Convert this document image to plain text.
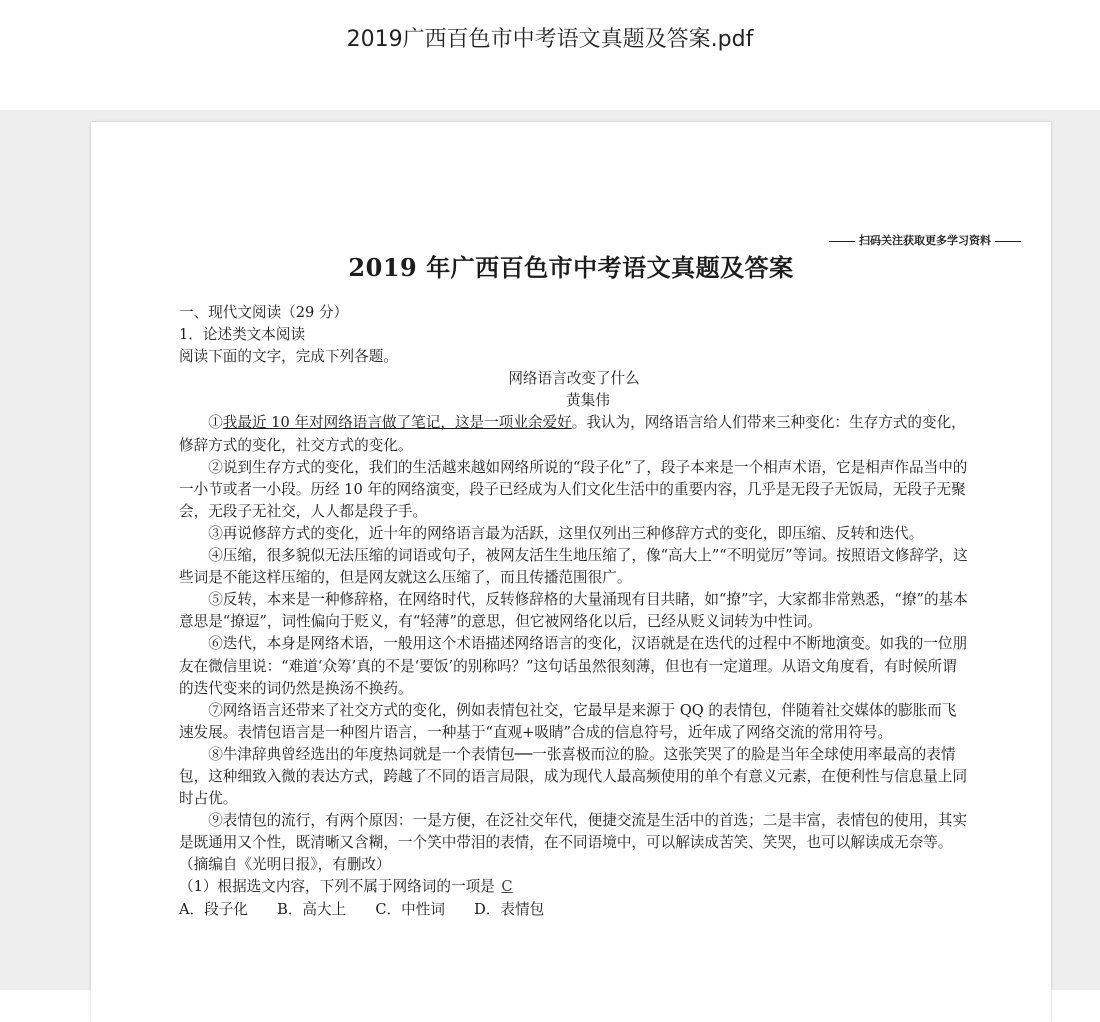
2019广西百色市中考语文真题及答案.pdf
扫码关注获取更多学习资料
2019 年广西百色市中考语文真题及答案

一、现代文阅读（29 分）

1．论述类文本阅读

阅读下面的文字，完成下列各题。

网络语言改变了什么

黄集伟

①我最近 10 年对网络语言做了笔记，这是一项业余爱好。我认为，网络语言给人们带来三种变化：生存方式的变化，修辞方式的变化，社交方式的变化。

②说到生存方式的变化，我们的生活越来越如网络所说的“段子化”了，段子本来是一个相声术语，它是相声作品当中的一小节或者一小段。历经 10 年的网络演变，段子已经成为人们文化生活中的重要内容，几乎是无段子无饭局，无段子无聚会，无段子无社交，人人都是段子手。

③再说修辞方式的变化，近十年的网络语言最为活跃，这里仅列出三种修辞方式的变化，即压缩、反转和迭代。

④压缩，很多貌似无法压缩的词语或句子，被网友活生生地压缩了，像“高大上”“不明觉厉”等词。按照语文修辞学，这些词是不能这样压缩的，但是网友就这么压缩了，而且传播范围很广。

⑤反转，本来是一种修辞格，在网络时代，反转修辞格的大量涌现有目共睹，如“撩”字，大家都非常熟悉，“撩”的基本意思是“撩逗”，词性偏向于贬义，有“轻薄”的意思，但它被网络化以后，已经从贬义词转为中性词。

⑥迭代，本身是网络术语，一般用这个术语描述网络语言的变化，汉语就是在迭代的过程中不断地演变。如我的一位朋友在微信里说：“难道‘众筹’真的不是‘要饭’的别称吗？”这句话虽然很刻薄，但也有一定道理。从语文角度看，有时候所谓的迭代变来的词仍然是换汤不换药。

⑦网络语言还带来了社交方式的变化，例如表情包社交，它最早是来源于 QQ 的表情包，伴随着社交媒体的膨胀而飞速发展。表情包语言是一种图片语言，一种基于“直观+吸睛”合成的信息符号，近年成了网络交流的常用符号。

⑧牛津辞典曾经选出的年度热词就是一个表情包──一张喜极而泣的脸。这张笑哭了的脸是当年全球使用率最高的表情包，这种细致入微的表达方式，跨越了不同的语言局限，成为现代人最高频使用的单个有意义元素，在便利性与信息量上同时占优。

⑨表情包的流行，有两个原因：一是方便，在泛社交年代，便捷交流是生活中的首选；二是丰富，表情包的使用，其实是既通用又个性，既清晰又含糊，一个笑中带泪的表情，在不同语境中，可以解读成苦笑、笑哭，也可以解读成无奈等。

（摘编自《光明日报》，有删改）

（1）根据选文内容，下列不属于网络词的一项是 C

A．段子化　　B．高大上　　C．中性词　　D．表情包
